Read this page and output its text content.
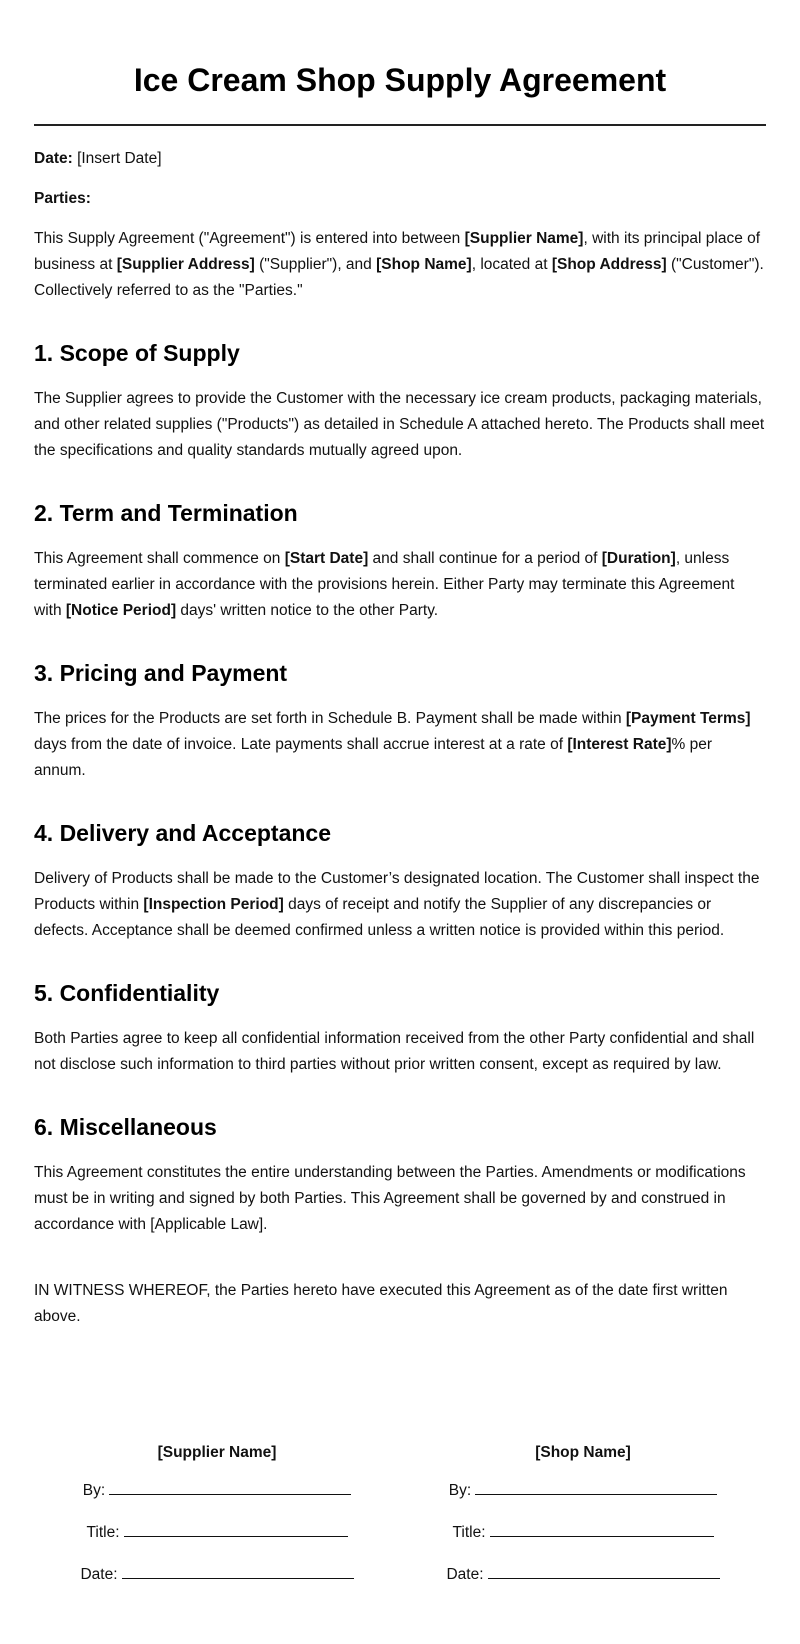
Ice Cream Shop Supply Agreement

Date: [Insert Date]

Parties:

This Supply Agreement ("Agreement") is entered into between [Supplier Name], with its principal place of business at [Supplier Address] ("Supplier"), and [Shop Name], located at [Shop Address] ("Customer"). Collectively referred to as the "Parties."

1. Scope of Supply

The Supplier agrees to provide the Customer with the necessary ice cream products, packaging materials, and other related supplies ("Products") as detailed in Schedule A attached hereto. The Products shall meet the specifications and quality standards mutually agreed upon.

2. Term and Termination

This Agreement shall commence on [Start Date] and shall continue for a period of [Duration], unless terminated earlier in accordance with the provisions herein. Either Party may terminate this Agreement with [Notice Period] days' written notice to the other Party.

3. Pricing and Payment

The prices for the Products are set forth in Schedule B. Payment shall be made within [Payment Terms] days from the date of invoice. Late payments shall accrue interest at a rate of [Interest Rate]% per annum.

4. Delivery and Acceptance

Delivery of Products shall be made to the Customer’s designated location. The Customer shall inspect the Products within [Inspection Period] days of receipt and notify the Supplier of any discrepancies or defects. Acceptance shall be deemed confirmed unless a written notice is provided within this period.

5. Confidentiality

Both Parties agree to keep all confidential information received from the other Party confidential and shall not disclose such information to third parties without prior written consent, except as required by law.

6. Miscellaneous

This Agreement constitutes the entire understanding between the Parties. Amendments or modifications must be in writing and signed by both Parties. This Agreement shall be governed by and construed in accordance with [Applicable Law].

IN WITNESS WHEREOF, the Parties hereto have executed this Agreement as of the date first written above.

[Supplier Name]
By:
Title:
Date:
[Shop Name]
By:
Title:
Date:
